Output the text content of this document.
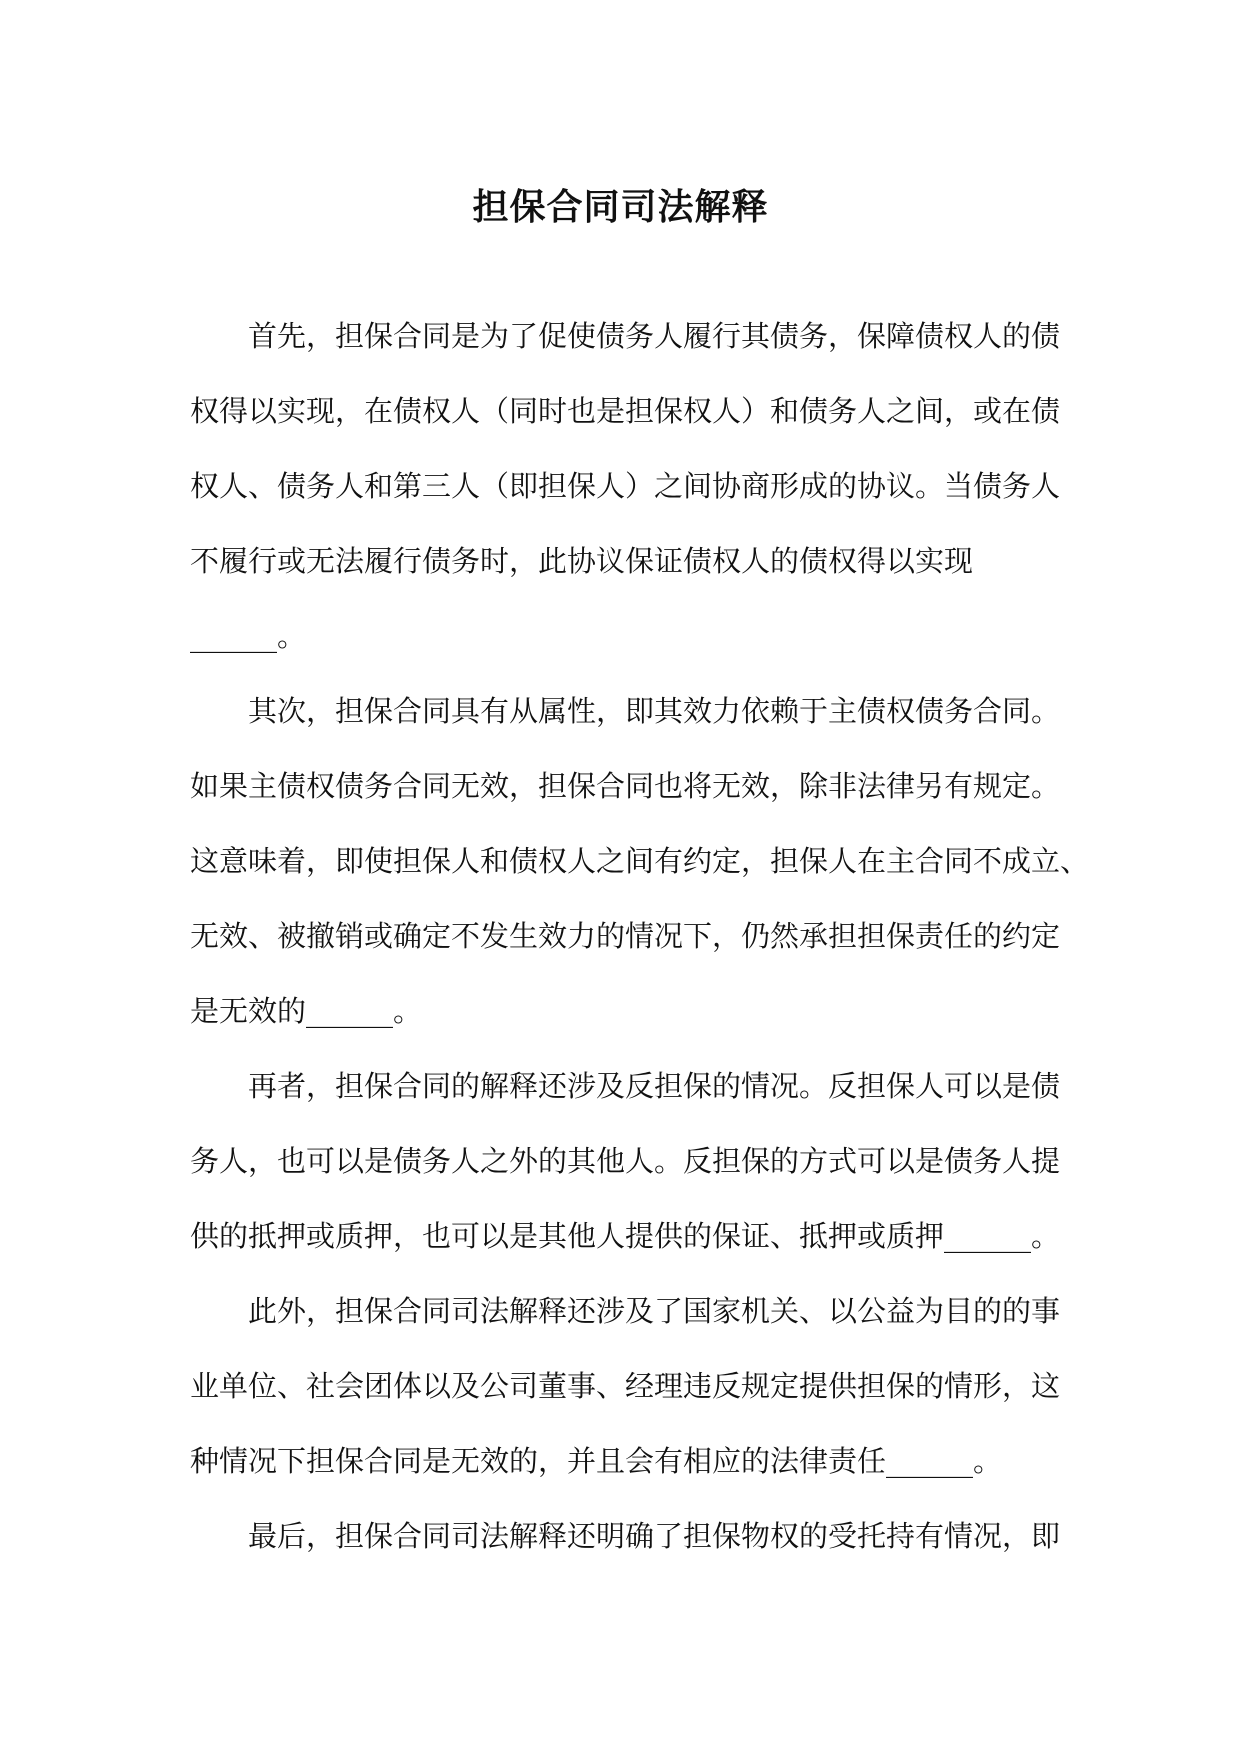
担保合同司法解释

首先，担保合同是为了促使债务人履行其债务，保障债权人的债

权得以实现，在债权人（同时也是担保权人）和债务人之间，或在债

权人、债务人和第三人（即担保人）之间协商形成的协议。当债务人

不履行或无法履行债务时，此协议保证债权人的债权得以实现

______。

其次，担保合同具有从属性，即其效力依赖于主债权债务合同。

如果主债权债务合同无效，担保合同也将无效，除非法律另有规定。

这意味着，即使担保人和债权人之间有约定，担保人在主合同不成立、

无效、被撤销或确定不发生效力的情况下，仍然承担担保责任的约定

是无效的______。

再者，担保合同的解释还涉及反担保的情况。反担保人可以是债

务人，也可以是债务人之外的其他人。反担保的方式可以是债务人提

供的抵押或质押，也可以是其他人提供的保证、抵押或质押______。

此外，担保合同司法解释还涉及了国家机关、以公益为目的的事

业单位、社会团体以及公司董事、经理违反规定提供担保的情形，这

种情况下担保合同是无效的，并且会有相应的法律责任______。

最后，担保合同司法解释还明确了担保物权的受托持有情况，即
